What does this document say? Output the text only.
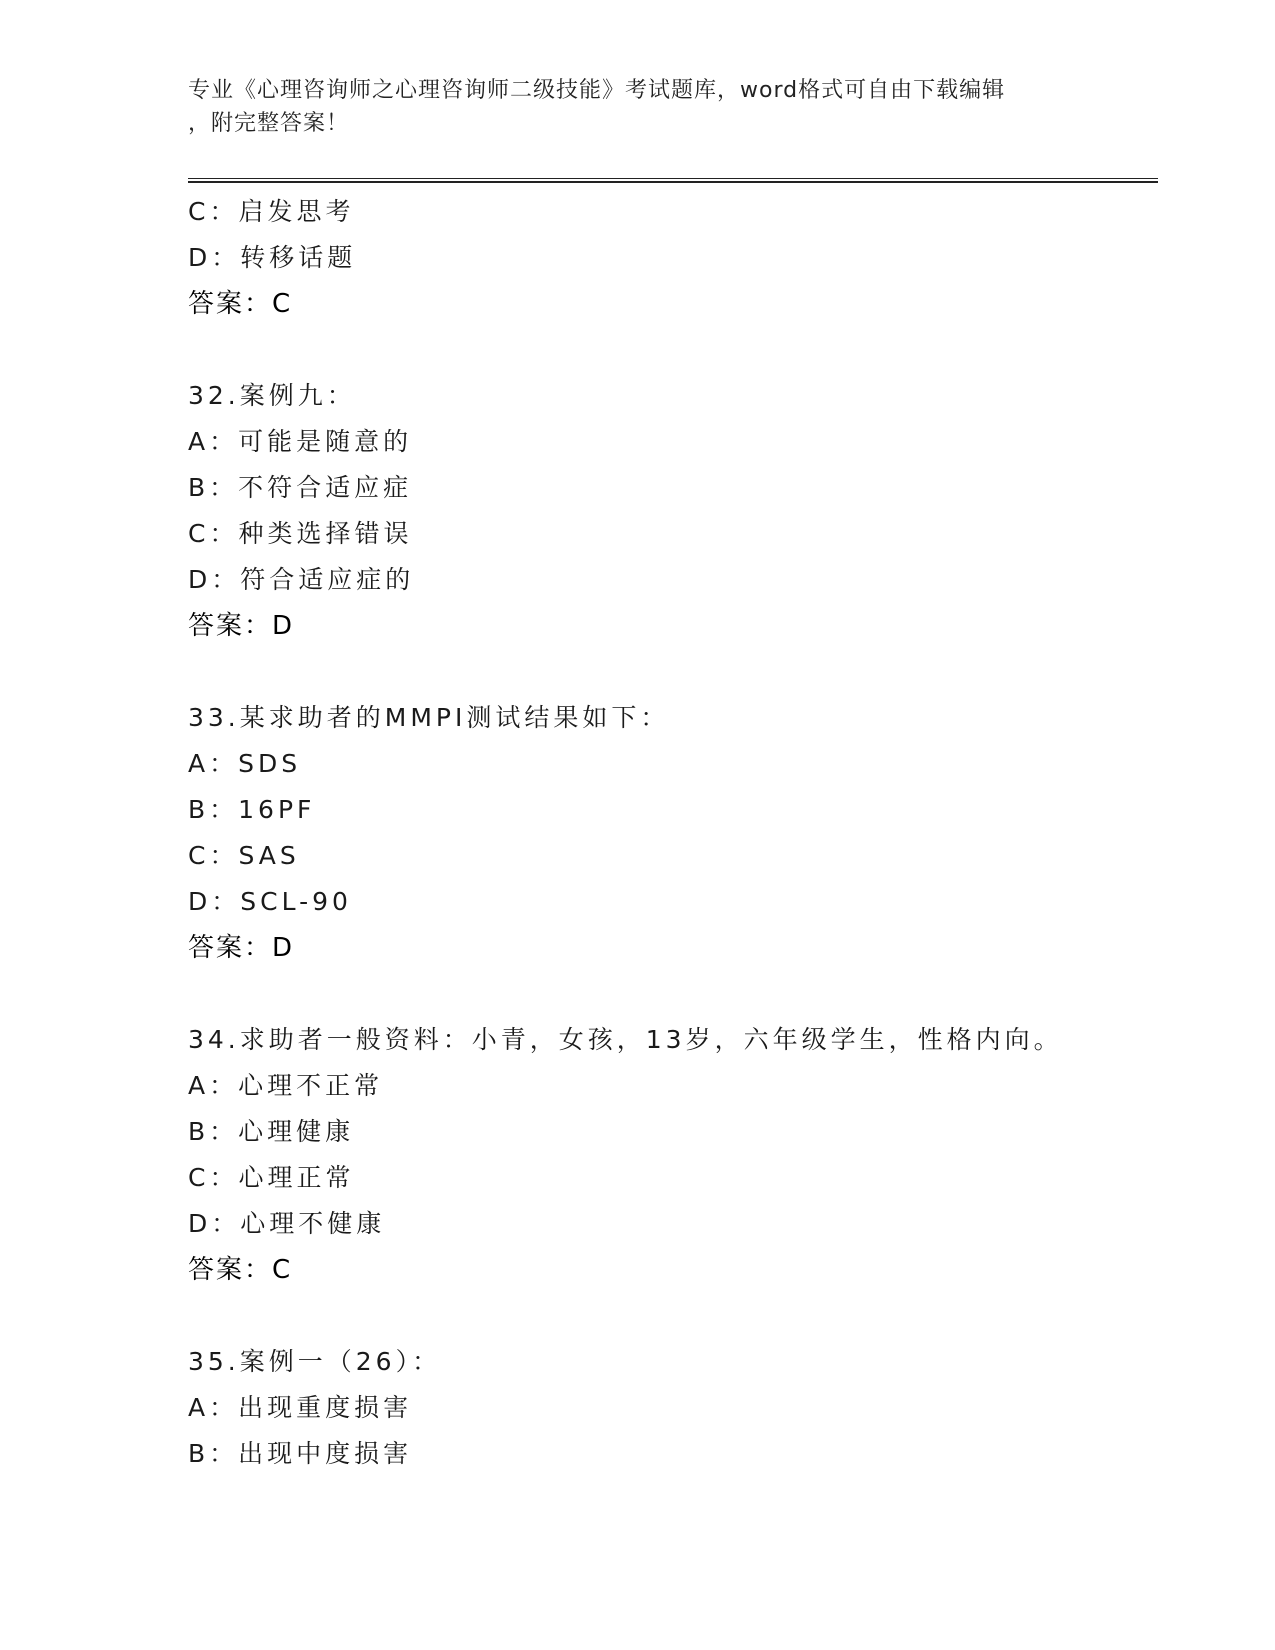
专业《心理咨询师之心理咨询师二级技能》考试题库，word格式可自由下载编辑
，附完整答案！
C：启发思考
D：转移话题
答案：C
32.案例九：
A：可能是随意的
B：不符合适应症
C：种类选择错误
D：符合适应症的
答案：D
33.某求助者的MMPI测试结果如下：
A：SDS
B：16PF
C：SAS
D：SCL-90
答案：D
34.求助者一般资料：小青，女孩，13岁，六年级学生，性格内向。
A：心理不正常
B：心理健康
C：心理正常
D：心理不健康
答案：C
35.案例一（26）：
A：出现重度损害
B：出现中度损害
